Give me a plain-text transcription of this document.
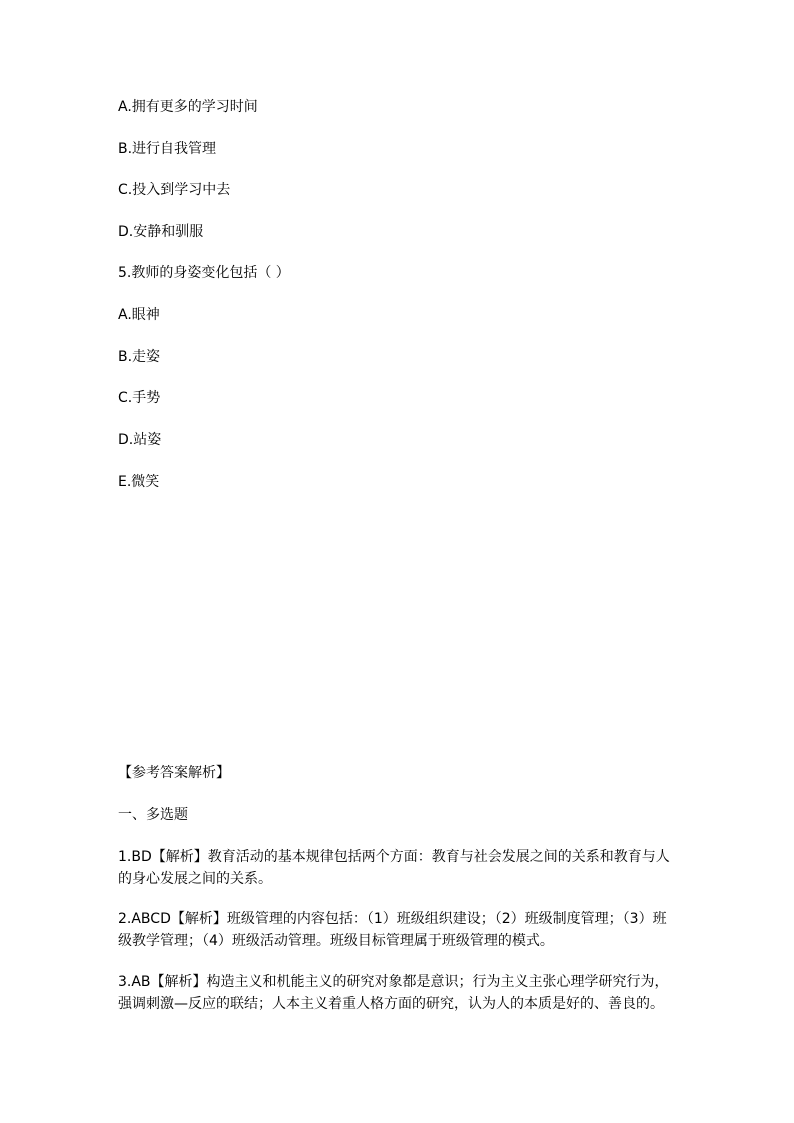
A.拥有更多的学习时间
B.进行自我管理
C.投入到学习中去
D.安静和驯服
5.教师的身姿变化包括（ ）
A.眼神
B.走姿
C.手势
D.站姿
E.微笑
【参考答案解析】
一、多选题
1.BD【解析】教育活动的基本规律包括两个方面：教育与社会发展之间的关系和教育与人的身心发展之间的关系。
2.ABCD【解析】班级管理的内容包括：（1）班级组织建设；（2）班级制度管理；（3）班级教学管理；（4）班级活动管理。班级目标管理属于班级管理的模式。
3.AB【解析】构造主义和机能主义的研究对象都是意识；行为主义主张心理学研究行为，强调刺激—反应的联结；人本主义着重人格方面的研究，认为人的本质是好的、善良的。
